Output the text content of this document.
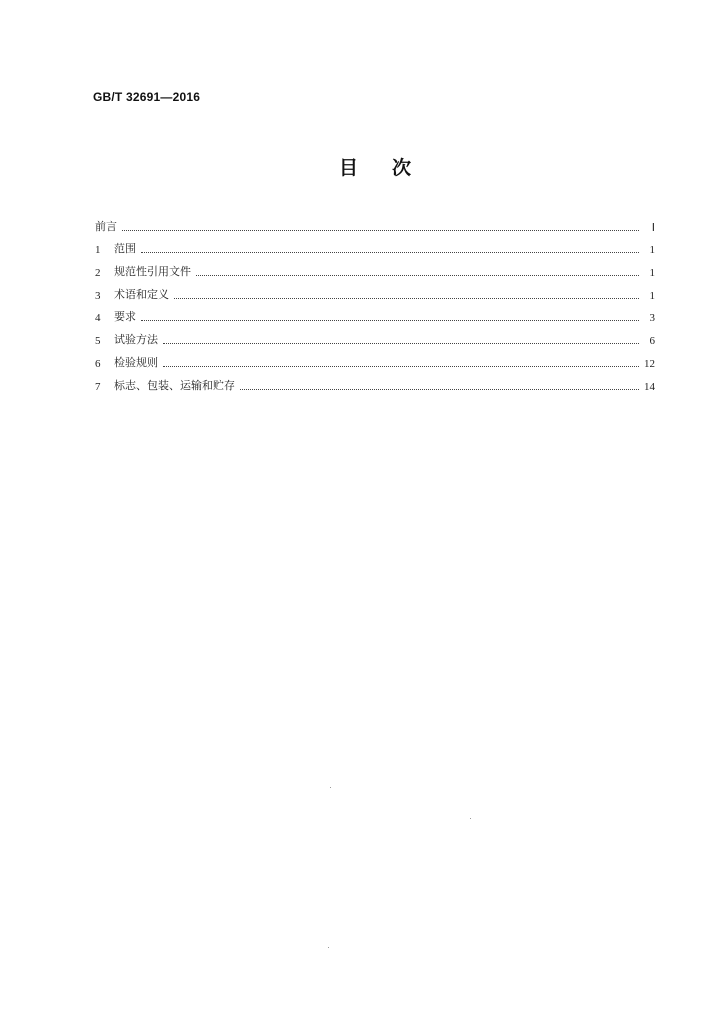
GB/T 32691—2016
目次
前言	Ⅰ
1	范围	1
2	规范性引用文件	1
3	术语和定义	1
4	要求	3
5	试验方法	6
6	检验规则	12
7	标志、包装、运输和贮存	14
